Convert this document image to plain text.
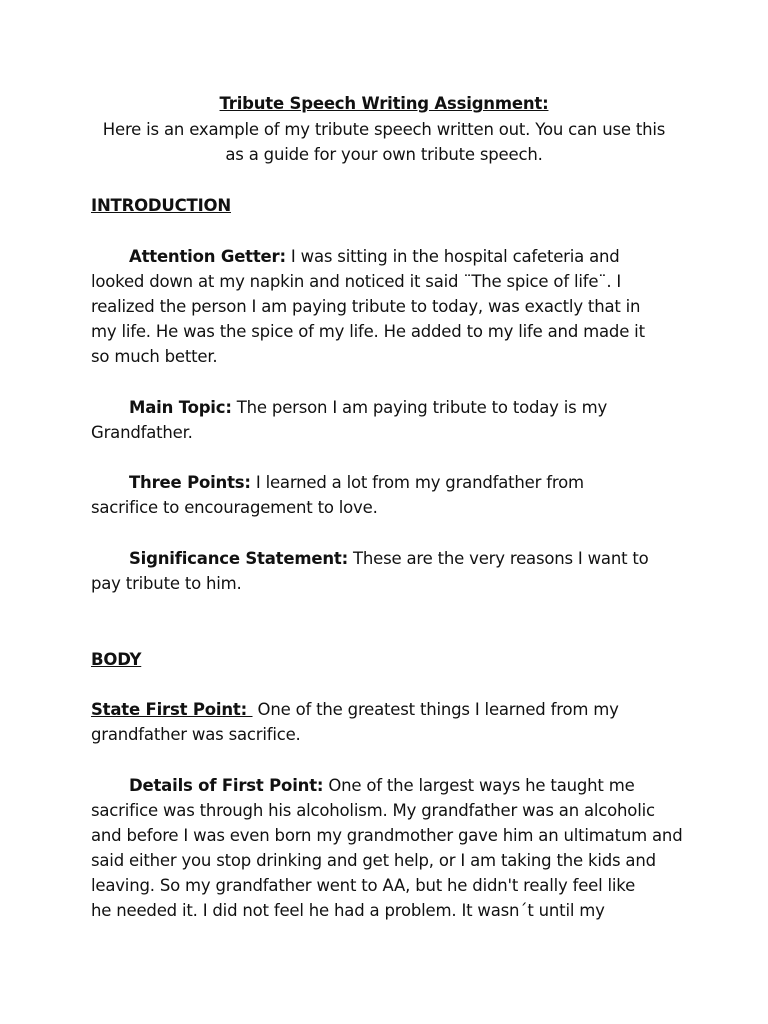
Tribute Speech Writing Assignment:

Here is an example of my tribute speech written out. You can use this

as a guide for your own tribute speech.

INTRODUCTION

Attention Getter: I was sitting in the hospital cafeteria and

looked down at my napkin and noticed it said ¨The spice of life¨. I

realized the person I am paying tribute to today, was exactly that in

my life. He was the spice of my life. He added to my life and made it

so much better.

Main Topic: The person I am paying tribute to today is my

Grandfather.

Three Points: I learned a lot from my grandfather from

sacrifice to encouragement to love.

Significance Statement: These are the very reasons I want to

pay tribute to him.

BODY

State First Point:  One of the greatest things I learned from my

grandfather was sacrifice.

Details of First Point: One of the largest ways he taught me

sacrifice was through his alcoholism. My grandfather was an alcoholic

and before I was even born my grandmother gave him an ultimatum and

said either you stop drinking and get help, or I am taking the kids and

leaving. So my grandfather went to AA, but he didn't really feel like

he needed it. I did not feel he had a problem. It wasn´t until my
